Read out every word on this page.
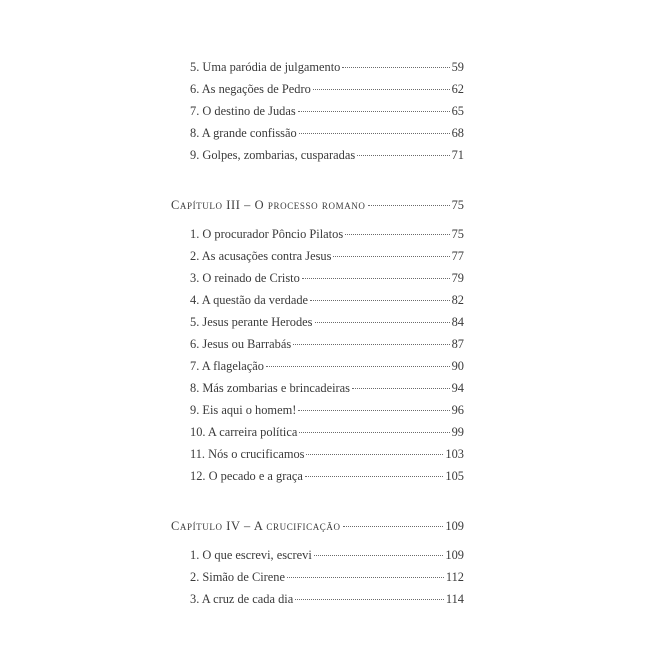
5. Uma paródia de julgamento	59
6. As negações de Pedro	62
7. O destino de Judas	65
8. A grande confissão	68
9. Golpes, zombarias, cusparadas	71
Capítulo III – O processo romano	75
1. O procurador Pôncio Pilatos	75
2. As acusações contra Jesus	77
3. O reinado de Cristo	79
4. A questão da verdade	82
5. Jesus perante Herodes	84
6. Jesus ou Barrabás	87
7. A flagelação	90
8. Más zombarias e brincadeiras	94
9. Eis aqui o homem!	96
10. A carreira política	99
11. Nós o crucificamos	103
12. O pecado e a graça	105
Capítulo IV – A crucificação	109
1. O que escrevi, escrevi	109
2. Simão de Cirene	112
3. A cruz de cada dia	114
